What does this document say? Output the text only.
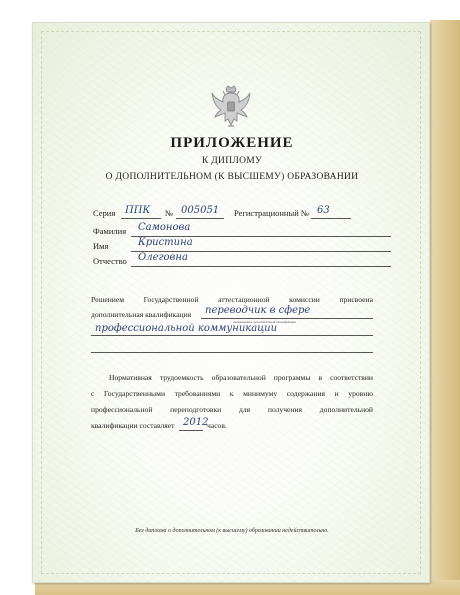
ПРИЛОЖЕНИЕ
К ДИПЛОМУ
О ДОПОЛНИТЕЛЬНОМ (К ВЫСШЕМУ) ОБРАЗОВАНИИ
Серия ППК № 005051 Регистрационный № 63
Фамилия Самонова
Имя	Кристина
Отчество Олеговна
Решением Государственной аттестационной комиссии присвоена
дополнительная квалификация переводчик в сфере
наименование дополнительной квалификации
профессиональной коммуникации
Нормативная трудоемкость образовательной программы в соответствии
с Государственными требованиями к минимуму содержания и уровню
профессиональной переподготовки для получения дополнительной
квалификации составляет 2012
часов.
Без диплома о дополнительном (к высшему) образовании недействительно.
